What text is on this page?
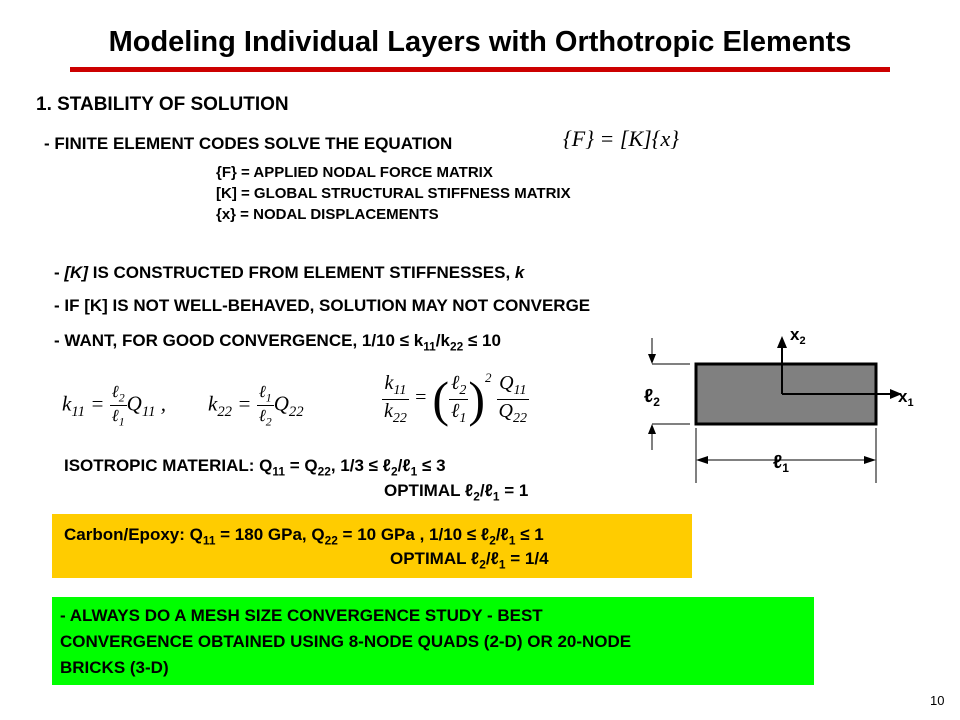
Modeling Individual Layers with Orthotropic Elements
1. STABILITY OF SOLUTION
- FINITE ELEMENT CODES SOLVE THE EQUATION	{F} = [K]{x}
{F} = APPLIED NODAL FORCE MATRIX
[K] = GLOBAL STRUCTURAL STIFFNESS MATRIX
{x} = NODAL DISPLACEMENTS
- [K] IS CONSTRUCTED FROM ELEMENT STIFFNESSES, k
- IF [K] IS NOT WELL-BEHAVED, SOLUTION MAY NOT CONVERGE
- WANT, FOR GOOD CONVERGENCE, $1/10 \le k_{11}/k_{22} \le 10$
$k_{11} = \frac{\ell_2}{\ell_1} Q_{11}$ , $k_{22} = \frac{\ell_1}{\ell_2} Q_{22}$	$\frac{k_{11}}{k_{22}}$ = ( $\frac{\ell_2}{\ell_1} )^2 \frac{Q_{11}}{Q_{22}}$
ISOTROPIC MATERIAL: $Q_{11} = Q_{22}$, 1/3 ≤ ℓ$_2$/ℓ$_1$ ≤ 3
OPTIMAL ℓ$_2$/ℓ$_1$ = 1
Carbon/Epoxy: $Q_{11} = 180$ GPa, $Q_{22} = 10$ GPa , 1/10 ≤ ℓ$_2$/ℓ$_1$ ≤ 1
OPTIMAL ℓ$_2$/ℓ$_1$ = 1/4
- ALWAYS DO A MESH SIZE CONVERGENCE STUDY - BEST
CONVERGENCE OBTAINED USING 8-NODE QUADS (2-D) OR 20-NODE
BRICKS (3-D)
$x_2$
$x_1$
ℓ$_2$
ℓ$_1$
10
